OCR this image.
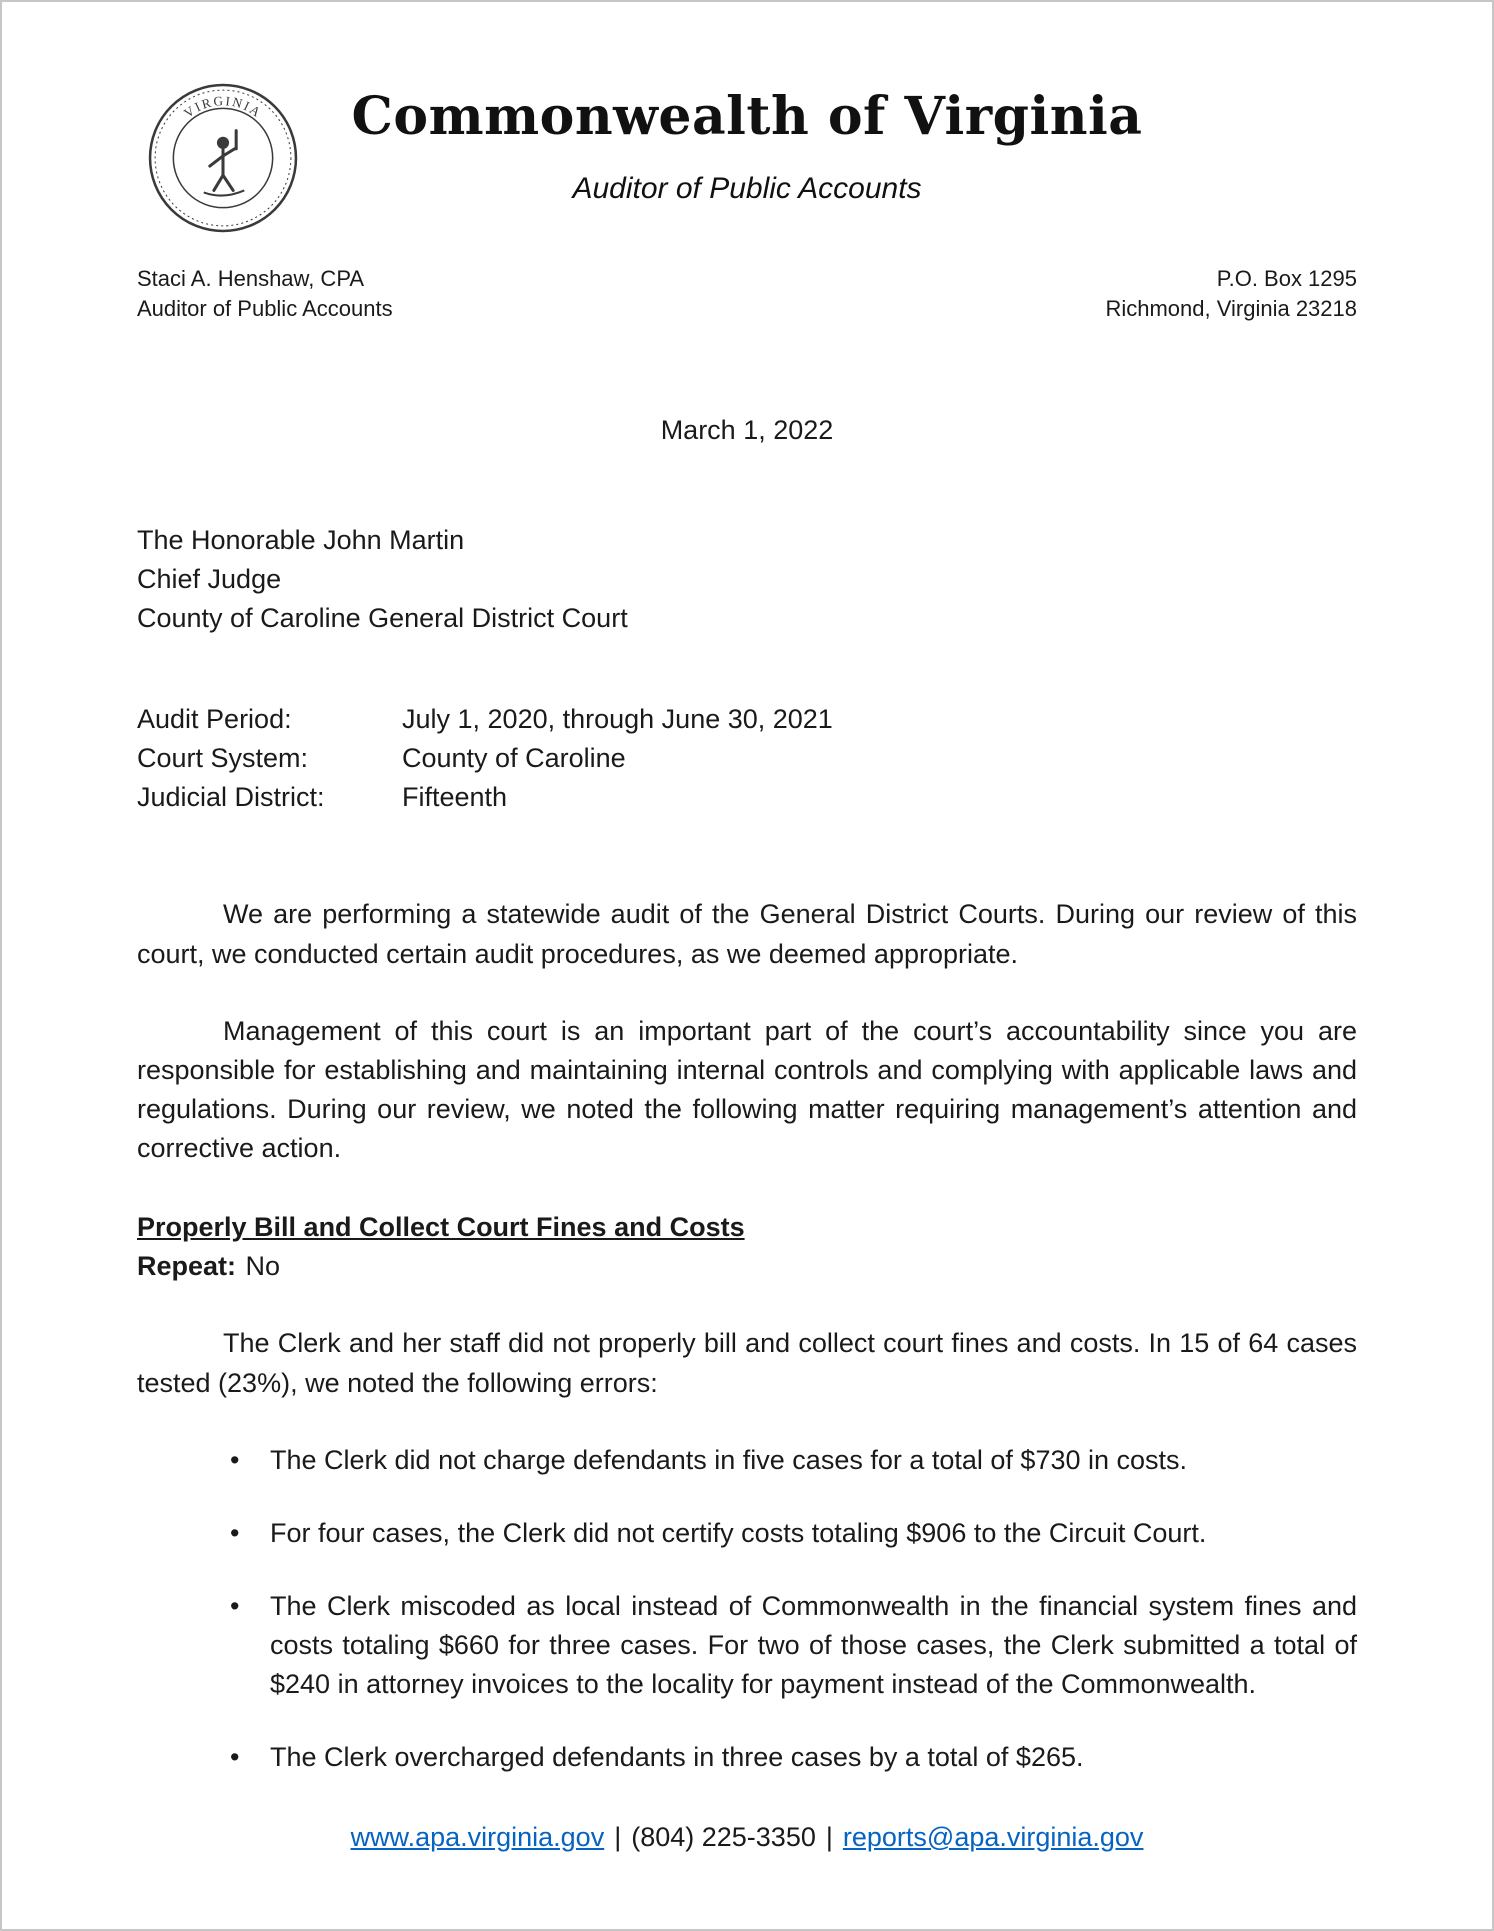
VIRGINIA	Commonwealth of Virginia
Auditor of Public Accounts
Staci A. Henshaw, CPA
Auditor of Public Accounts
P.O. Box 1295
Richmond, Virginia 23218
March 1, 2022
The Honorable John Martin
Chief Judge
County of Caroline General District Court
Audit Period:	July 1, 2020, through June 30, 2021
Court System:	County of Caroline
Judicial District:	Fifteenth

We are performing a statewide audit of the General District Courts. During our review of this court, we conducted certain audit procedures, as we deemed appropriate.

Management of this court is an important part of the court’s accountability since you are responsible for establishing and maintaining internal controls and complying with applicable laws and regulations. During our review, we noted the following matter requiring management’s attention and corrective action.

Properly Bill and Collect Court Fines and Costs
Repeat: No

The Clerk and her staff did not properly bill and collect court fines and costs. In 15 of 64 cases tested (23%), we noted the following errors:

• The Clerk did not charge defendants in five cases for a total of $730 in costs.
• For four cases, the Clerk did not certify costs totaling $906 to the Circuit Court.
• The Clerk miscoded as local instead of Commonwealth in the financial system fines and costs totaling $660 for three cases. For two of those cases, the Clerk submitted a total of $240 in attorney invoices to the locality for payment instead of the Commonwealth.
• The Clerk overcharged defendants in three cases by a total of $265.
www.apa.virginia.gov | (804) 225-3350 | reports@apa.virginia.gov
